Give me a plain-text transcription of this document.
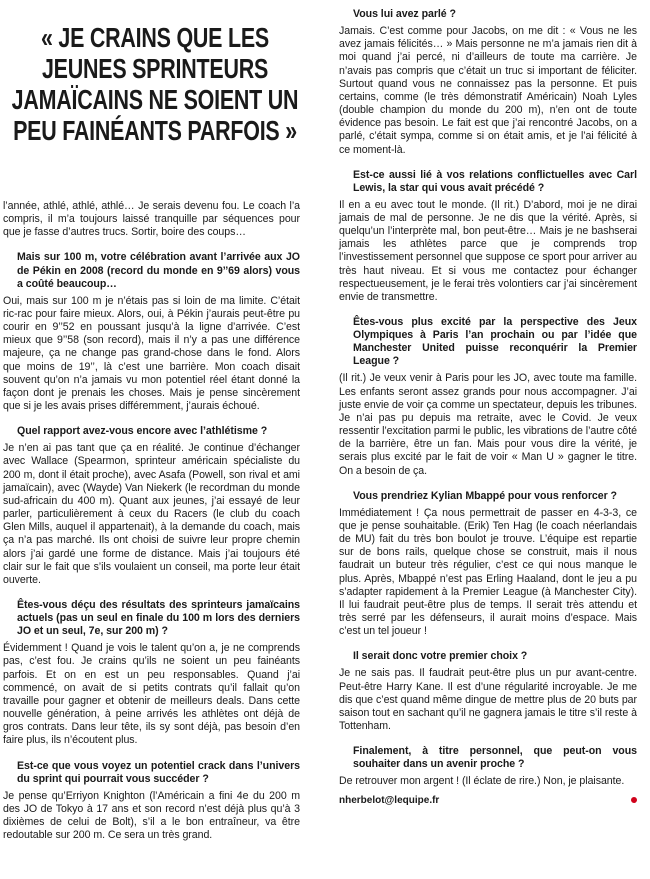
« JE CRAINS QUE LES JEUNES SPRINTEURS JAMAÏCAINS NE SOIENT UN PEU FAINÉANTS PARFOIS »

l’année, athlé, athlé, athlé… Je serais devenu fou. Le coach l’a compris, il m’a toujours laissé tranquille par séquences pour que je fasse d’autres trucs. Sortir, boire des coups…

Mais sur 100 m, votre célébration avant l’arrivée aux JO de Pékin en 2008 (record du monde en 9’’69 alors) vous a coûté beaucoup…

Oui, mais sur 100 m je n’étais pas si loin de ma limite. C’était ric-rac pour faire mieux. Alors, oui, à Pékin j’aurais peut-être pu courir en 9’’52 en poussant jusqu’à la ligne d’arrivée. C’est mieux que 9’’58 (son record), mais il n’y a pas une différence majeure, ça ne change pas grand-chose dans le fond. Alors que moins de 19’’, là c’est une barrière. Mon coach disait souvent qu’on n’a jamais vu mon potentiel réel étant donné la façon dont je prenais les choses. Mais je pense sincèrement que si je les avais prises différemment, j’aurais échoué.

Quel rapport avez-vous encore avec l’athlétisme ?

Je n’en ai pas tant que ça en réalité. Je continue d’échanger avec Wallace (Spearmon, sprinteur américain spécialiste du 200 m, dont il était proche), avec Asafa (Powell, son rival et ami jamaïcain), avec (Wayde) Van Niekerk (le recordman du monde sud-africain du 400 m). Quant aux jeunes, j’ai essayé de leur parler, particulièrement à ceux du Racers (le club du coach Glen Mills, auquel il appartenait), à la demande du coach, mais ça n’a pas marché. Ils ont choisi de suivre leur propre chemin alors j’ai gardé une forme de distance. Mais j’ai toujours été clair sur le fait que s’ils voulaient un conseil, ma porte leur était ouverte.

Êtes-vous déçu des résultats des sprinteurs jamaïcains actuels (pas un seul en finale du 100 m lors des derniers JO et un seul, 7e, sur 200 m) ?

Évidemment ! Quand je vois le talent qu’on a, je ne comprends pas, c’est fou. Je crains qu’ils ne soient un peu fainéants parfois. Et on en est un peu responsables. Quand j’ai commencé, on avait de si petits contrats qu’il fallait qu’on travaille pour gagner et obtenir de meilleurs deals. Dans cette nouvelle génération, à peine arrivés les athlètes ont déjà de gros contrats. Dans leur tête, ils sy sont déjà, pas besoin d’en faire plus, ils n’écoutent plus.

Est-ce que vous voyez un potentiel crack dans l’univers du sprint qui pourrait vous succéder ?

Je pense qu’Erriyon Knighton (l’Américain a fini 4e du 200 m des JO de Tokyo à 17 ans et son record n’est déjà plus qu’à 3 dixièmes de celui de Bolt), s’il a le bon entraîneur, va être redoutable sur 200 m. Ce sera un très grand.

Vous lui avez parlé ?

Jamais. C’est comme pour Jacobs, on me dit : « Vous ne les avez jamais félicités… » Mais personne ne m’a jamais rien dit à moi quand j’ai percé, ni d’ailleurs de toute ma carrière. Je n’avais pas compris que c’était un truc si important de féliciter. Surtout quand vous ne connaissez pas la personne. Et puis certains, comme (le très démonstratif Américain) Noah Lyles (double champion du monde du 200 m), n’en ont de toute évidence pas besoin. Le fait est que j’ai rencontré Jacobs, on a parlé, c’était sympa, comme si on était amis, et je l’ai félicité à ce moment-là.

Est-ce aussi lié à vos relations conflictuelles avec Carl Lewis, la star qui vous avait précédé ?

Il en a eu avec tout le monde. (Il rit.) D’abord, moi je ne dirai jamais de mal de personne. Je ne dis que la vérité. Après, si quelqu’un l’interprète mal, bon peut-être… Mais je ne bashserai jamais les athlètes parce que je comprends trop l’investissement personnel que suppose ce sport pour arriver au très haut niveau. Et si vous me contactez pour échanger respectueusement, je le ferai très volontiers car j’ai sincèrement envie de transmettre.

Êtes-vous plus excité par la perspective des Jeux Olympiques à Paris l’an prochain ou par l’idée que Manchester United puisse reconquérir la Premier League ?

(Il rit.) Je veux venir à Paris pour les JO, avec toute ma famille. Les enfants seront assez grands pour nous accompagner. J’ai juste envie de voir ça comme un spectateur, depuis les tribunes. Je n’ai pas pu depuis ma retraite, avec le Covid. Je veux ressentir l’excitation parmi le public, les vibrations de l’autre côté de la barrière, être un fan. Mais pour vous dire la vérité, je serais plus excité par le fait de voir « Man U » gagner le titre. On a besoin de ça.

Vous prendriez Kylian Mbappé pour vous renforcer ?

Immédiatement ! Ça nous permettrait de passer en 4-3-3, ce que je pense souhaitable. (Erik) Ten Hag (le coach néerlandais de MU) fait du très bon boulot je trouve. L’équipe est repartie sur de bons rails, quelque chose se construit, mais il nous faudrait un buteur très régulier, c’est ce qui nous manque le plus. Après, Mbappé n’est pas Erling Haaland, dont le jeu a pu s’adapter rapidement à la Premier League (à Manchester City). Il lui faudrait peut-être plus de temps. Il serait très attendu et très serré par les défenseurs, il aurait moins d’espace. Mais c’est un tel joueur !

Il serait donc votre premier choix ?

Je ne sais pas. Il faudrait peut-être plus un pur avant-centre. Peut-être Harry Kane. Il est d’une régularité incroyable. Je me dis que c’est quand même dingue de mettre plus de 20 buts par saison tout en sachant qu’il ne gagnera jamais le titre s’il reste à Tottenham.

Finalement, à titre personnel, que peut-on vous souhaiter dans un avenir proche ?

De retrouver mon argent ! (Il éclate de rire.) Non, je plaisante.

nherbelot@lequipe.fr
